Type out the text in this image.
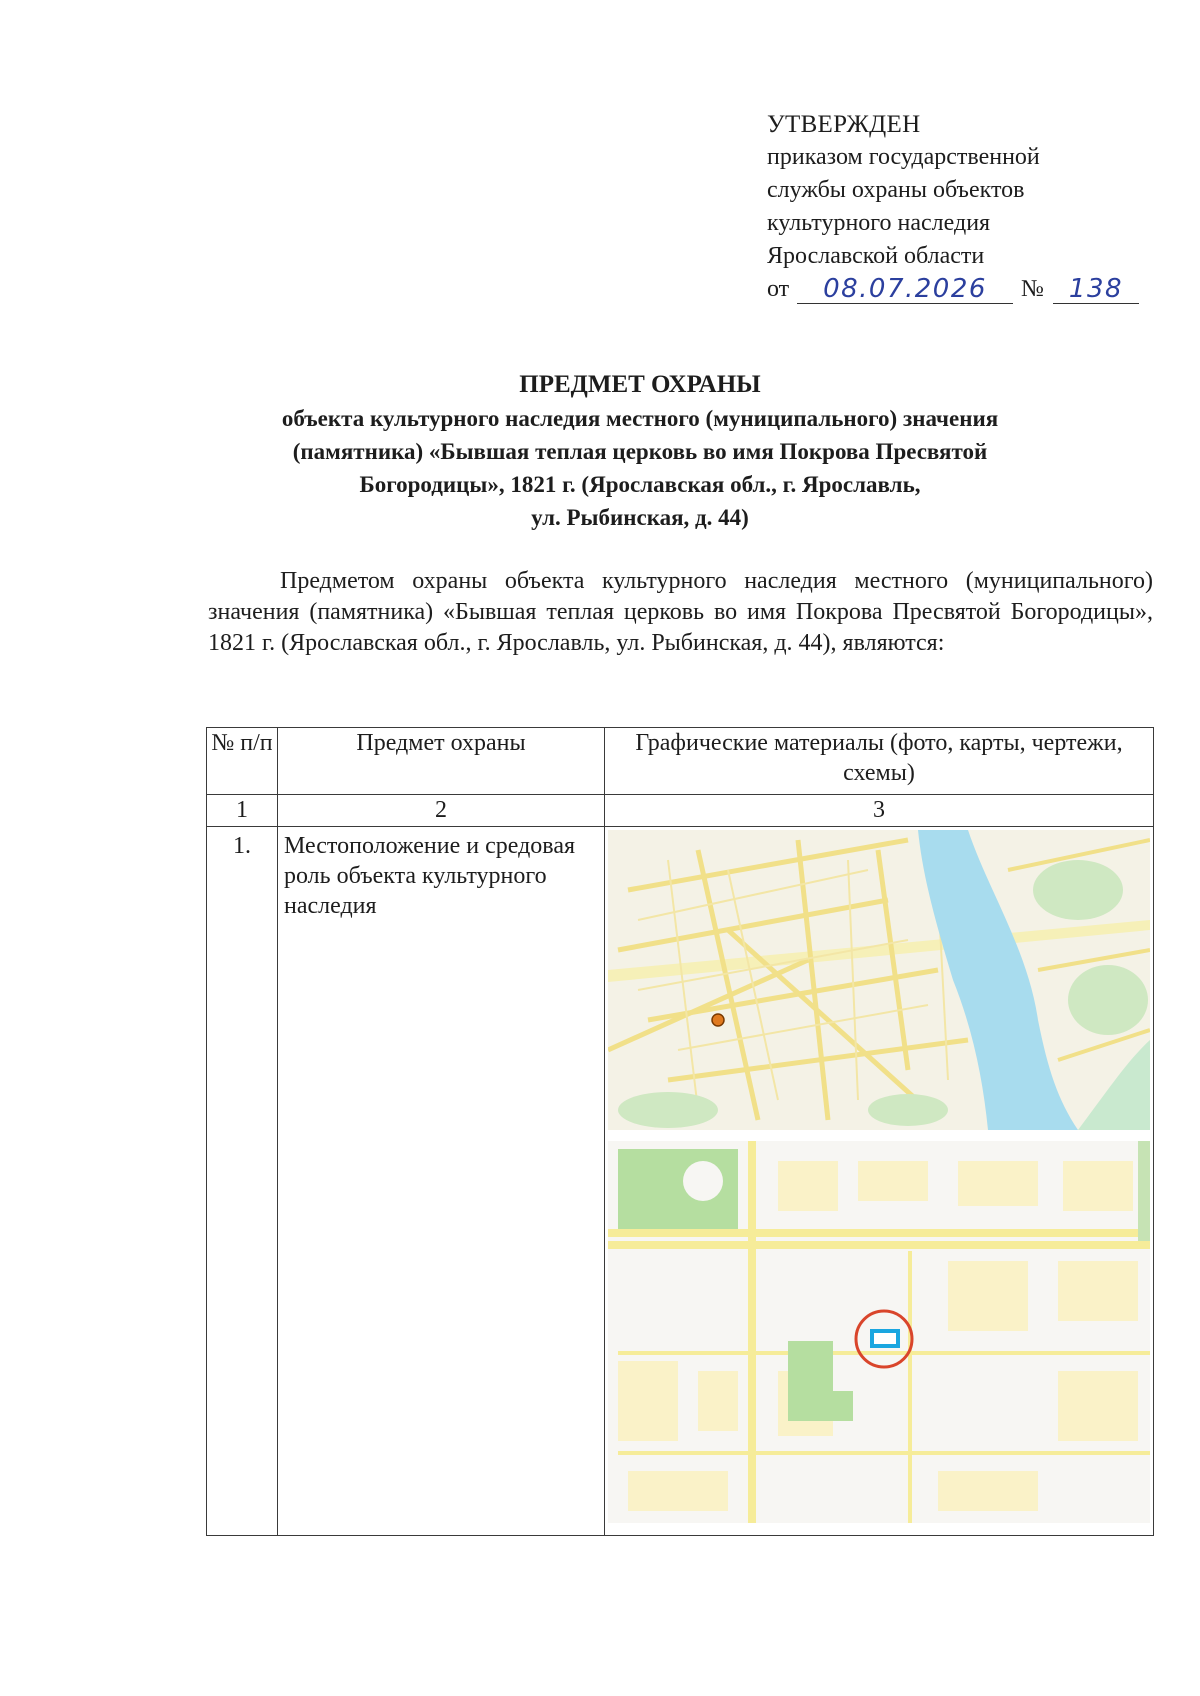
УТВЕРЖДЕН
приказом государственной
службы охраны объектов
культурного наследия
Ярославской области
от	08.07.2026	№ 138
ПРЕДМЕТ ОХРАНЫ
объекта культурного наследия местного (муниципального) значения
(памятника) «Бывшая теплая церковь во имя Покрова Пресвятой
Богородицы», 1821 г. (Ярославская обл., г. Ярославль,
ул. Рыбинская, д. 44)
Предметом охраны объекта культурного наследия местного (муниципального) значения (памятника) «Бывшая теплая церковь во имя Покрова Пресвятой Богородицы», 1821 г. (Ярославская обл., г. Ярославль, ул. Рыбинская, д. 44), являются:
№ п/п	Предмет охраны	Графические материалы (фото, карты, чертежи, схемы)
1	2	3
1.	Местоположение и средовая роль объекта культурного наследия	
